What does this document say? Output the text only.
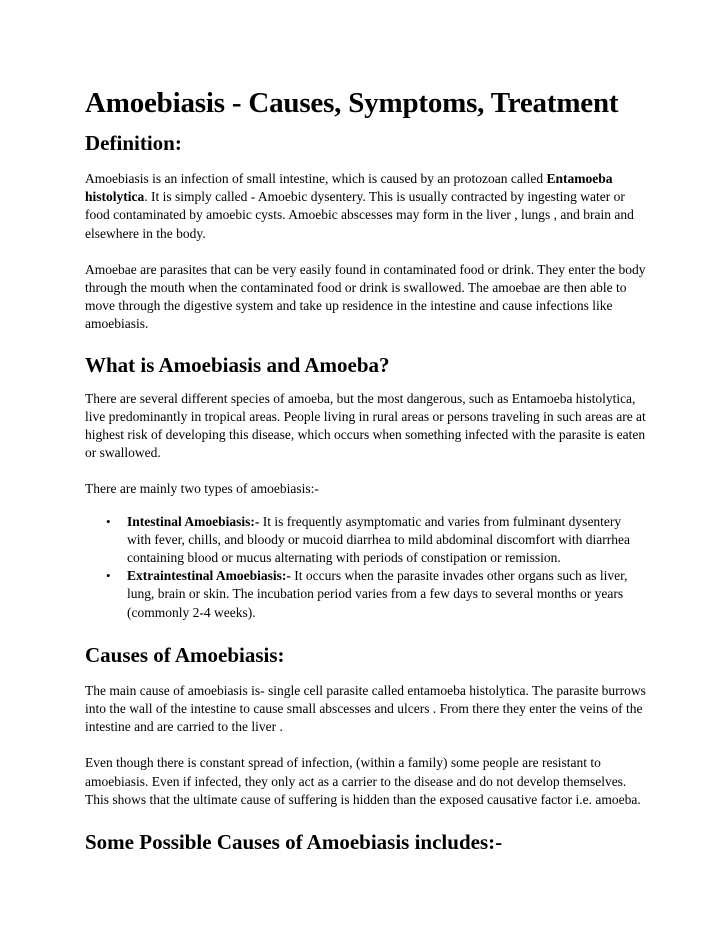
Amoebiasis - Causes, Symptoms, Treatment
Definition:

Amoebiasis is an infection of small intestine, which is caused by an protozoan called Entamoeba histolytica. It is simply called - Amoebic dysentery. This is usually contracted by ingesting water or food contaminated by amoebic cysts. Amoebic abscesses may form in the liver , lungs , and brain and elsewhere in the body.

Amoebae are parasites that can be very easily found in contaminated food or drink. They enter the body through the mouth when the contaminated food or drink is swallowed. The amoebae are then able to move through the digestive system and take up residence in the intestine and cause infections like amoebiasis.

What is Amoebiasis and Amoeba?

There are several different species of amoeba, but the most dangerous, such as Entamoeba histolytica, live predominantly in tropical areas. People living in rural areas or persons traveling in such areas are at highest risk of developing this disease, which occurs when something infected with the parasite is eaten or swallowed.

There are mainly two types of amoebiasis:-

• Intestinal Amoebiasis:- It is frequently asymptomatic and varies from fulminant dysentery with fever, chills, and bloody or mucoid diarrhea to mild abdominal discomfort with diarrhea containing blood or mucus alternating with periods of constipation or remission.
• Extraintestinal Amoebiasis:- It occurs when the parasite invades other organs such as liver, lung, brain or skin. The incubation period varies from a few days to several months or years (commonly 2-4 weeks).
Causes of Amoebiasis:

The main cause of amoebiasis is- single cell parasite called entamoeba histolytica. The parasite burrows into the wall of the intestine to cause small abscesses and ulcers . From there they enter the veins of the intestine and are carried to the liver .

Even though there is constant spread of infection, (within a family) some people are resistant to amoebiasis. Even if infected, they only act as a carrier to the disease and do not develop themselves. This shows that the ultimate cause of suffering is hidden than the exposed causative factor i.e. amoeba.

Some Possible Causes of Amoebiasis includes:-
